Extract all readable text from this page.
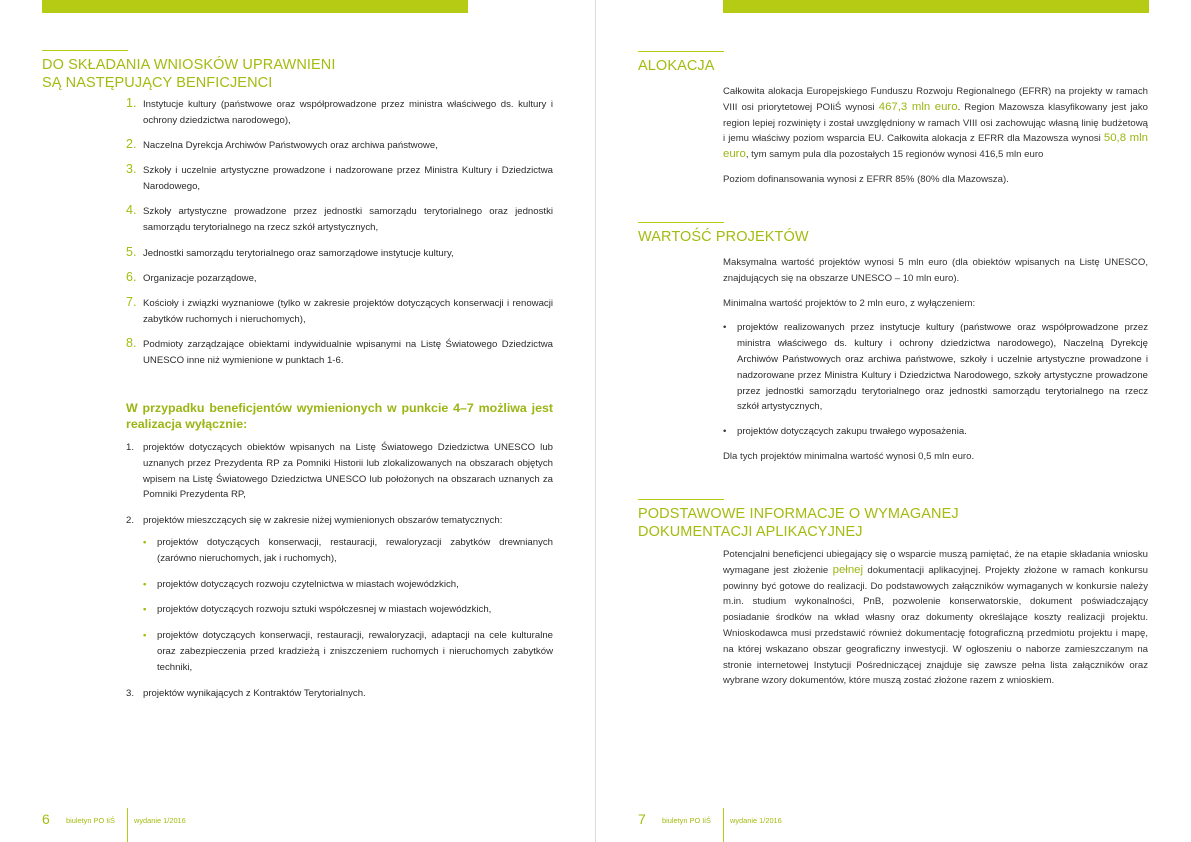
DO SKŁADANIA WNIOSKÓW UPRAWNIENI
SĄ NASTĘPUJĄCY BENFICJENCI
1. Instytucje kultury (państwowe oraz współprowadzone przez ministra właściwego ds. kultury i ochrony dziedzictwa narodowego),
2. Naczelna Dyrekcja Archiwów Państwowych oraz archiwa państwowe,
3. Szkoły i uczelnie artystyczne prowadzone i nadzorowane przez Ministra Kultury i Dziedzictwa Narodowego,
4. Szkoły artystyczne prowadzone przez jednostki samorządu terytorialnego oraz jednostki samorządu terytorialnego na rzecz szkół artystycznych,
5. Jednostki samorządu terytorialnego oraz samorządowe instytucje kultury,
6. Organizacje pozarządowe,
7. Kościoły i związki wyznaniowe (tylko w zakresie projektów dotyczących konserwacji i renowacji zabytków ruchomych i nieruchomych),
8. Podmioty zarządzające obiektami indywidualnie wpisanymi na Listę Światowego Dziedzictwa UNESCO inne niż wymienione w punktach 1-6.
W przypadku beneficjentów wymienionych w punkcie 4–7 możliwa jest realizacja wyłącznie:
1. projektów dotyczących obiektów wpisanych na Listę Światowego Dziedzictwa UNESCO lub uznanych przez Prezydenta RP za Pomniki Historii lub zlokalizowanych na obszarach objętych wpisem na Listę Światowego Dziedzictwa UNESCO lub położonych na obszarach uznanych za Pomniki Prezydenta RP,
2. projektów mieszczących się w zakresie niżej wymienionych obszarów tematycznych:
• projektów dotyczących konserwacji, restauracji, rewaloryzacji zabytków drewnianych (zarówno nieruchomych, jak i ruchomych),
• projektów dotyczących rozwoju czytelnictwa w miastach wojewódzkich,
• projektów dotyczących rozwoju sztuki współczesnej w miastach wojewódzkich,
• projektów dotyczących konserwacji, restauracji, rewaloryzacji, adaptacji na cele kulturalne oraz zabezpieczenia przed kradzieżą i zniszczeniem ruchomych i nieruchomych zabytków techniki,
3. projektów wynikających z Kontraktów Terytorialnych.
6 biuletyn PO IiŚ	wydanie 1/2016
ALOKACJA

Całkowita alokacja Europejskiego Funduszu Rozwoju Regionalnego (EFRR) na projekty w ramach VIII osi priorytetowej POIiŚ wynosi 467,3 mln euro. Region Mazowsza klasyfikowany jest jako region lepiej rozwinięty i został uwzględniony w ramach VIII osi zachowując własną linię budżetową i jemu właściwy poziom wsparcia EU. Całkowita alokacja z EFRR dla Mazowsza wynosi 50,8 mln euro, tym samym pula dla pozostałych 15 regionów wynosi 416,5 mln euro

Poziom dofinansowania wynosi z EFRR 85% (80% dla Mazowsza).

WARTOŚĆ PROJEKTÓW

Maksymalna wartość projektów wynosi 5 mln euro (dla obiektów wpisanych na Listę UNESCO, znajdujących się na obszarze UNESCO – 10 mln euro).

Minimalna wartość projektów to 2 mln euro, z wyłączeniem:

• projektów realizowanych przez instytucje kultury (państwowe oraz współprowadzone przez ministra właściwego ds. kultury i ochrony dziedzictwa narodowego), Naczelną Dyrekcję Archiwów Państwowych oraz archiwa państwowe, szkoły i uczelnie artystyczne prowadzone i nadzorowane przez Ministra Kultury i Dziedzictwa Narodowego, szkoły artystyczne prowadzone przez jednostki samorządu terytorialnego oraz jednostki samorządu terytorialnego na rzecz szkół artystycznych,
• projektów dotyczących zakupu trwałego wyposażenia.

Dla tych projektów minimalna wartość wynosi 0,5 mln euro.

PODSTAWOWE INFORMACJE O WYMAGANEJ
DOKUMENTACJI APLIKACYJNEJ

Potencjalni beneficjenci ubiegający się o wsparcie muszą pamiętać, że na etapie składania wniosku wymagane jest złożenie pełnej dokumentacji aplikacyjnej. Projekty złożone w ramach konkursu powinny być gotowe do realizacji. Do podstawowych załączników wymaganych w konkursie należy m.in. studium wykonalności, PnB, pozwolenie konserwatorskie, dokument poświadczający posiadanie środków na wkład własny oraz dokumenty określające koszty realizacji projektu. Wnioskodawca musi przedstawić również dokumentację fotograficzną przedmiotu projektu i mapę, na której wskazano obszar geograficzny inwestycji. W ogłoszeniu o naborze zamieszczanym na stronie internetowej Instytucji Pośredniczącej znajduje się zawsze pełna lista załączników oraz wybrane wzory dokumentów, które muszą zostać złożone razem z wnioskiem.

7 biuletyn PO IiŚ	wydanie 1/2016
